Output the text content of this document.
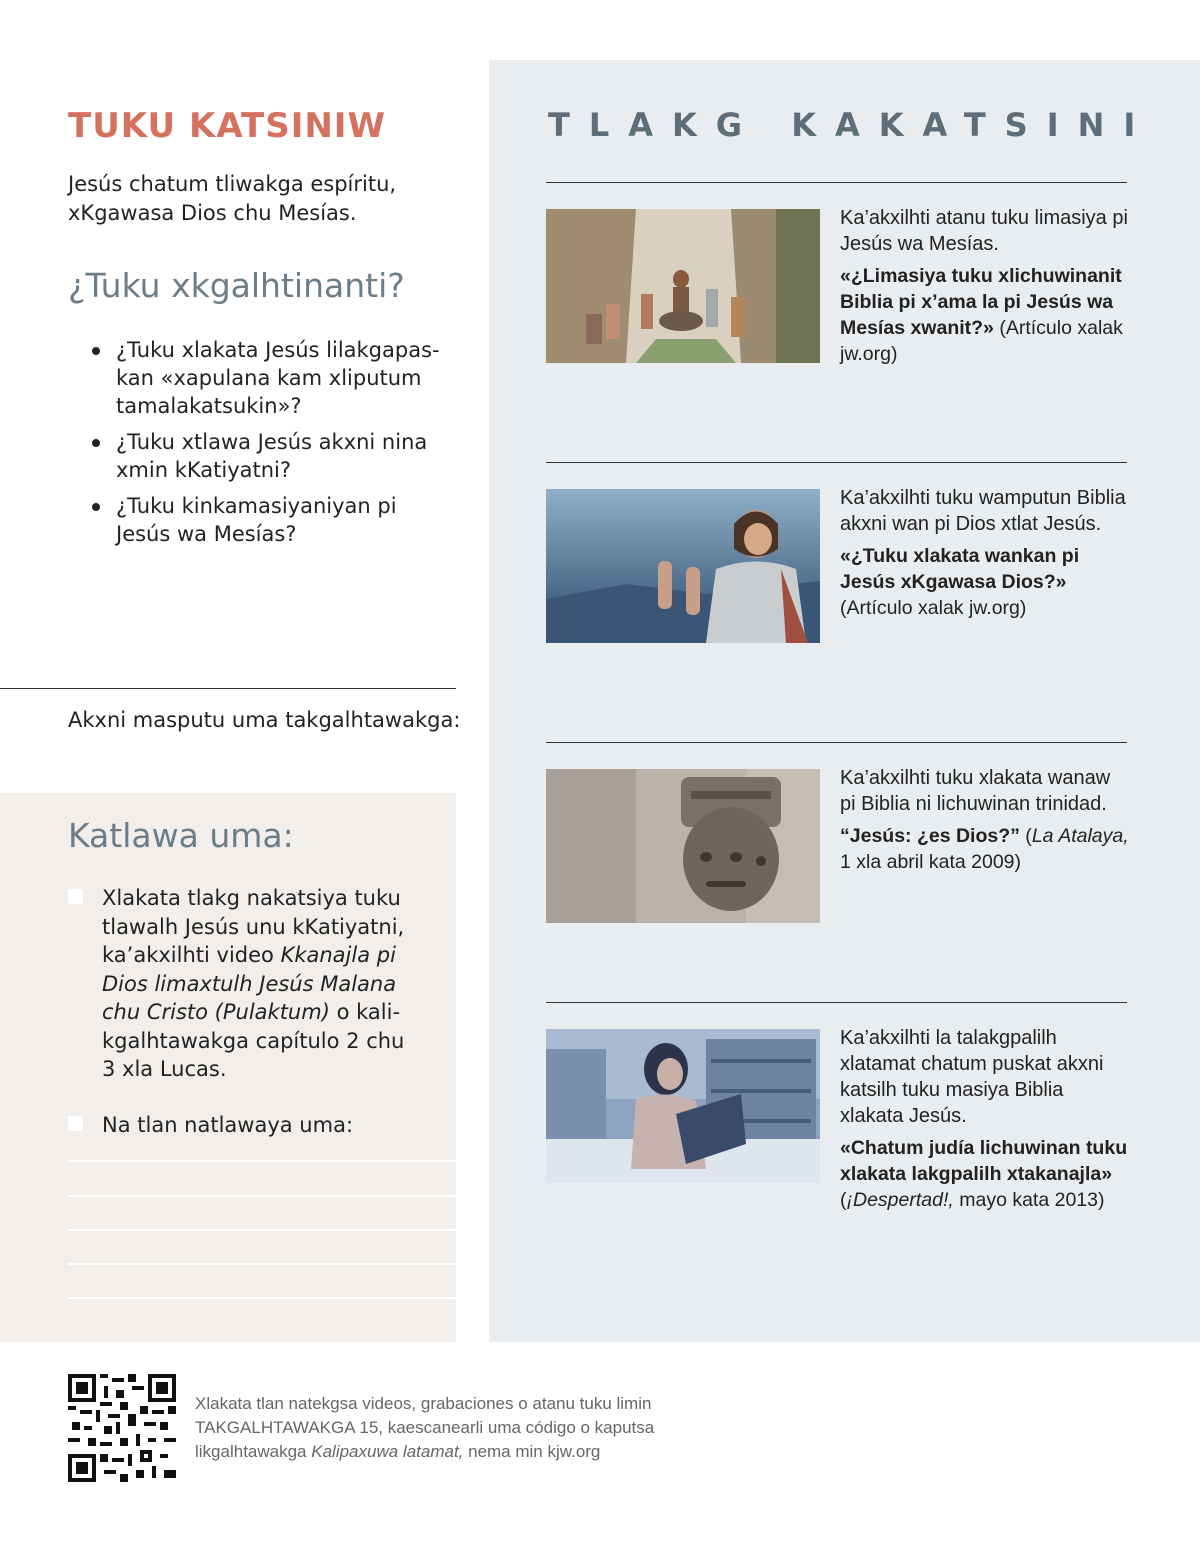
TUKU KATSINIW

Jesús chatum tliwakga espíritu, xKgawasa Dios chu Mesías.

¿Tuku xkgalhtinanti?
¿Tuku xlakata Jesús lilakgapaskan «xapulana kam xliputum tamalakatsukin»?
¿Tuku xtlawa Jesús akxni nina xmin kKatiyatni?
¿Tuku kinkamasiyaniyan pi Jesús wa Mesías?

Akxni masputu uma takgalhtawakga:

Katlawa uma:
Xlakata tlakg nakatsiya tuku tlawalh Jesús unu kKatiyatni, ka’akxilhti video Kkanajla pi Dios limaxtulh Jesús Malana chu Cristo (Pulaktum) o kalikgalhtawakga capítulo 2 chu 3 xla Lucas.
Na tlan natlawaya uma:
TLAKG KAKATSINI

Ka’akxilhti atanu tuku limasiya pi Jesús wa Mesías.

«¿Limasiya tuku xlichuwinanit Biblia pi x’ama la pi Jesús wa Mesías xwanit?» (Artículo xalak jw.org)

Ka’akxilhti tuku wamputun Biblia akxni wan pi Dios xtlat Jesús.

«¿Tuku xlakata wankan pi Jesús xKgawasa Dios?» (Artículo xalak jw.org)

Ka’akxilhti tuku xlakata wanaw pi Biblia ni lichuwinan trinidad.

“Jesús: ¿es Dios?” (La Atalaya, 1 xla abril kata 2009)

Ka’akxilhti la talakgpalilh xlatamat chatum puskat akxni katsilh tuku masiya Biblia xlakata Jesús.

«Chatum judía lichuwinan tuku xlakata lakgpalilh xtakanajla» (¡Despertad!, mayo kata 2013)

Xlakata tlan natekgsa videos, grabaciones o atanu tuku limin TAKGALHTAWAKGA 15, kaescanearli uma código o kaputsa likgalhtawakga Kalipaxuwa latamat, nema min kjw.org
